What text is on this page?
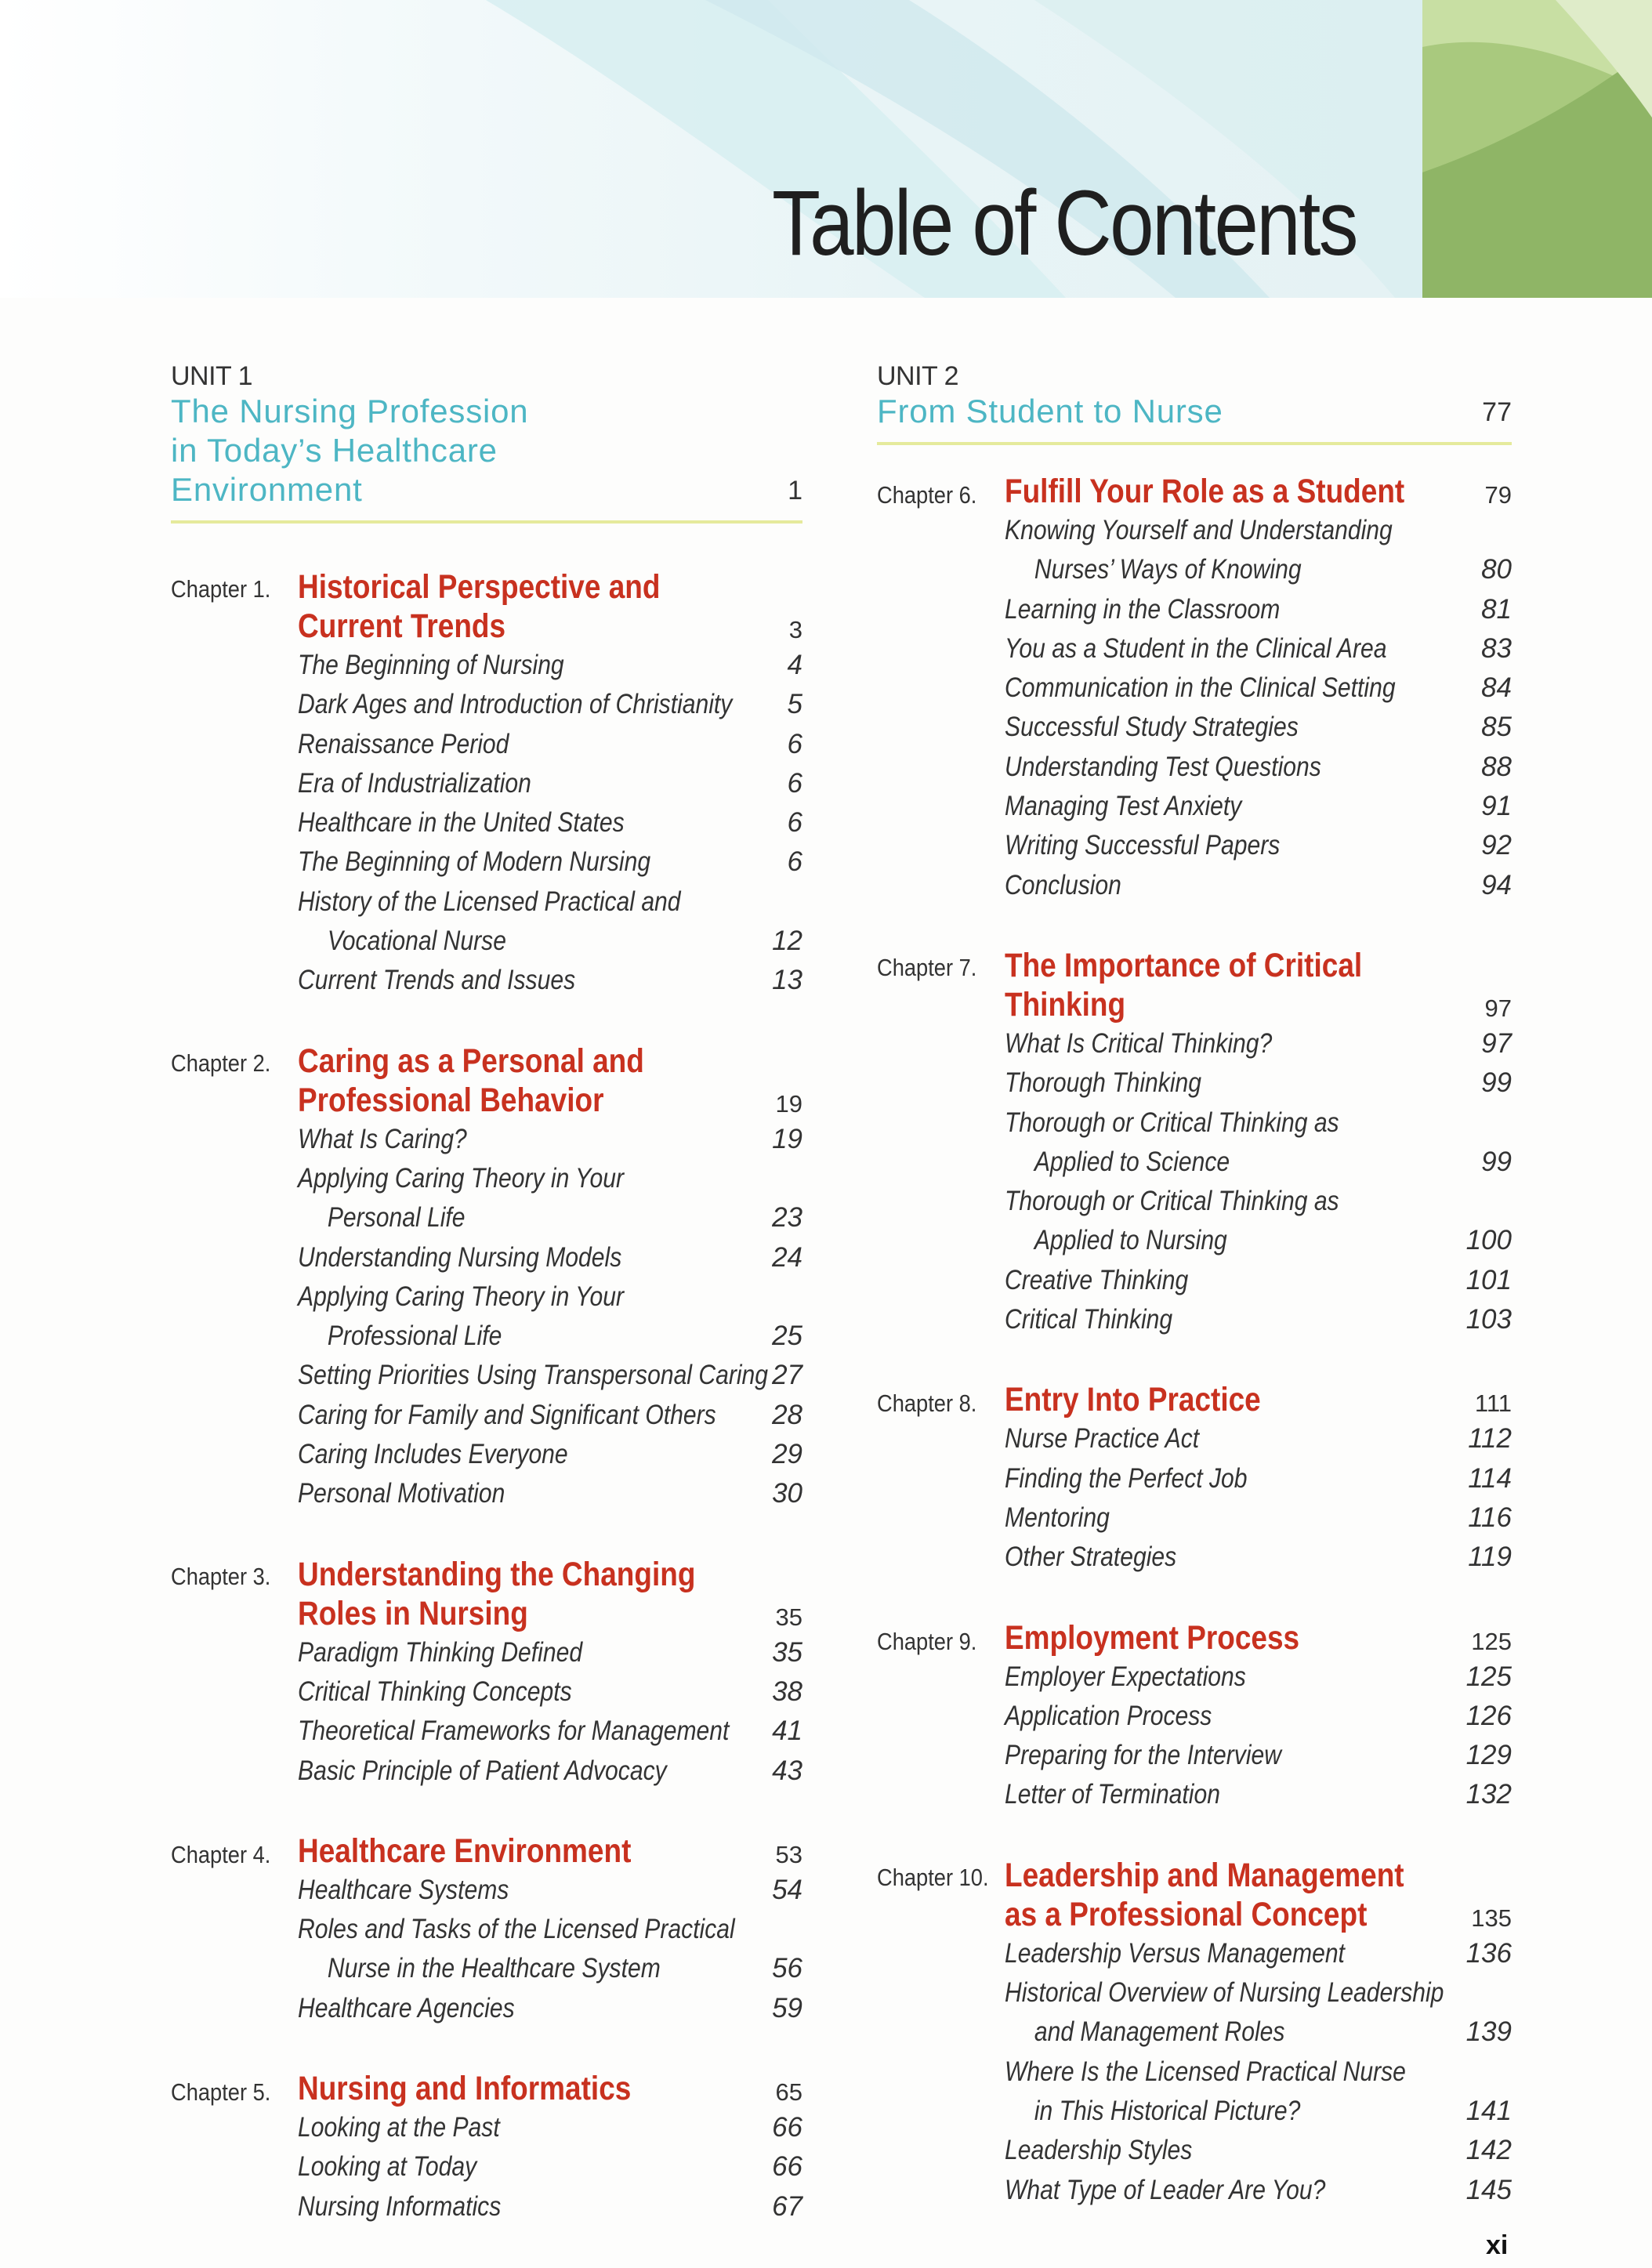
Table of Contents
UNIT 1
The Nursing Profession
in Today’s Healthcare
Environment	1
Chapter 1. Historical Perspective and
Current Trends	3
The Beginning of Nursing	4
Dark Ages and Introduction of Christianity 5
Renaissance Period	6
Era of Industrialization	6
Healthcare in the United States	6
The Beginning of Modern Nursing	6
History of the Licensed Practical and
Vocational Nurse	12
Current Trends and Issues	13
Chapter 2. Caring as a Personal and
Professional Behavior	19
What Is Caring?	19
Applying Caring Theory in Your
Personal Life	23
Understanding Nursing Models	24
Applying Caring Theory in Your
Professional Life	25
Setting Priorities Using Transpersonal Caring 27
Caring for Family and Significant Others	28
Caring Includes Everyone	29
Personal Motivation	30
Chapter 3. Understanding the Changing
Roles in Nursing	35
Paradigm Thinking Defined	35
Critical Thinking Concepts	38
Theoretical Frameworks for Management 41
Basic Principle of Patient Advocacy	43
Chapter 4. Healthcare Environment	53
Healthcare Systems	54
Roles and Tasks of the Licensed Practical
Nurse in the Healthcare System	56
Healthcare Agencies	59
Chapter 5. Nursing and Informatics	65
Looking at the Past	66
Looking at Today	66
Nursing Informatics	67
UNIT 2
From Student to Nurse	77
Chapter 6. Fulfill Your Role as a Student	79
Knowing Yourself and Understanding
Nurses’ Ways of Knowing	80
Learning in the Classroom	81
You as a Student in the Clinical Area	83
Communication in the Clinical Setting	84
Successful Study Strategies	85
Understanding Test Questions	88
Managing Test Anxiety	91
Writing Successful Papers	92
Conclusion	94
Chapter 7. The Importance of Critical
Thinking	97
What Is Critical Thinking?	97
Thorough Thinking	99
Thorough or Critical Thinking as
Applied to Science	99
Thorough or Critical Thinking as
Applied to Nursing	100
Creative Thinking	101
Critical Thinking	103
Chapter 8. Entry Into Practice	111
Nurse Practice Act	112
Finding the Perfect Job	114
Mentoring	116
Other Strategies	119
Chapter 9. Employment Process	125
Employer Expectations	125
Application Process	126
Preparing for the Interview	129
Letter of Termination	132
Chapter 10. Leadership and Management
as a Professional Concept	135
Leadership Versus Management	136
Historical Overview of Nursing Leadership
and Management Roles	139
Where Is the Licensed Practical Nurse
in This Historical Picture?	141
Leadership Styles	142
What Type of Leader Are You?	145
xi
